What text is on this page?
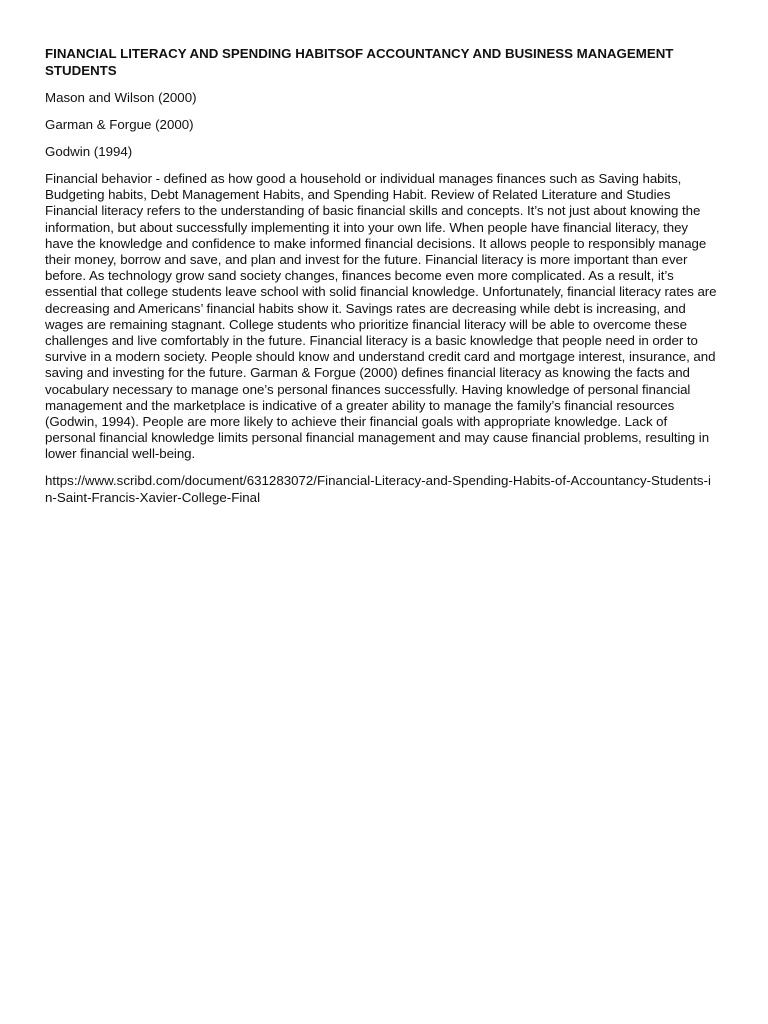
FINANCIAL LITERACY AND SPENDING HABITSOF ACCOUNTANCY AND BUSINESS MANAGEMENT STUDENTS
Mason and Wilson (2000)
Garman & Forgue (2000)
Godwin (1994)
Financial behavior - defined as how good a household or individual manages finances such as Saving habits, Budgeting habits, Debt Management Habits, and Spending Habit. Review of Related Literature and Studies Financial literacy refers to the understanding of basic financial skills and concepts. It’s not just about knowing the information, but about successfully implementing it into your own life. When people have financial literacy, they have the knowledge and confidence to make informed financial decisions. It allows people to responsibly manage their money, borrow and save, and plan and invest for the future. Financial literacy is more important than ever before. As technology grow sand society changes, finances become even more complicated. As a result, it’s essential that college students leave school with solid financial knowledge. Unfortunately, financial literacy rates are decreasing and Americans’ financial habits show it. Savings rates are decreasing while debt is increasing, and wages are remaining stagnant. College students who prioritize financial literacy will be able to overcome these challenges and live comfortably in the future. Financial literacy is a basic knowledge that people need in order to survive in a modern society. People should know and understand credit card and mortgage interest, insurance, and saving and investing for the future. Garman & Forgue (2000) defines financial literacy as knowing the facts and vocabulary necessary to manage one’s personal finances successfully. Having knowledge of personal financial management and the marketplace is indicative of a greater ability to manage the family’s financial resources (Godwin, 1994). People are more likely to achieve their financial goals with appropriate knowledge. Lack of personal financial knowledge limits personal financial management and may cause financial problems, resulting in lower financial well-being.
https://www.scribd.com/document/631283072/Financial-Literacy-and-Spending-Habits-of-Accountancy-Students-in-Saint-Francis-Xavier-College-Final
